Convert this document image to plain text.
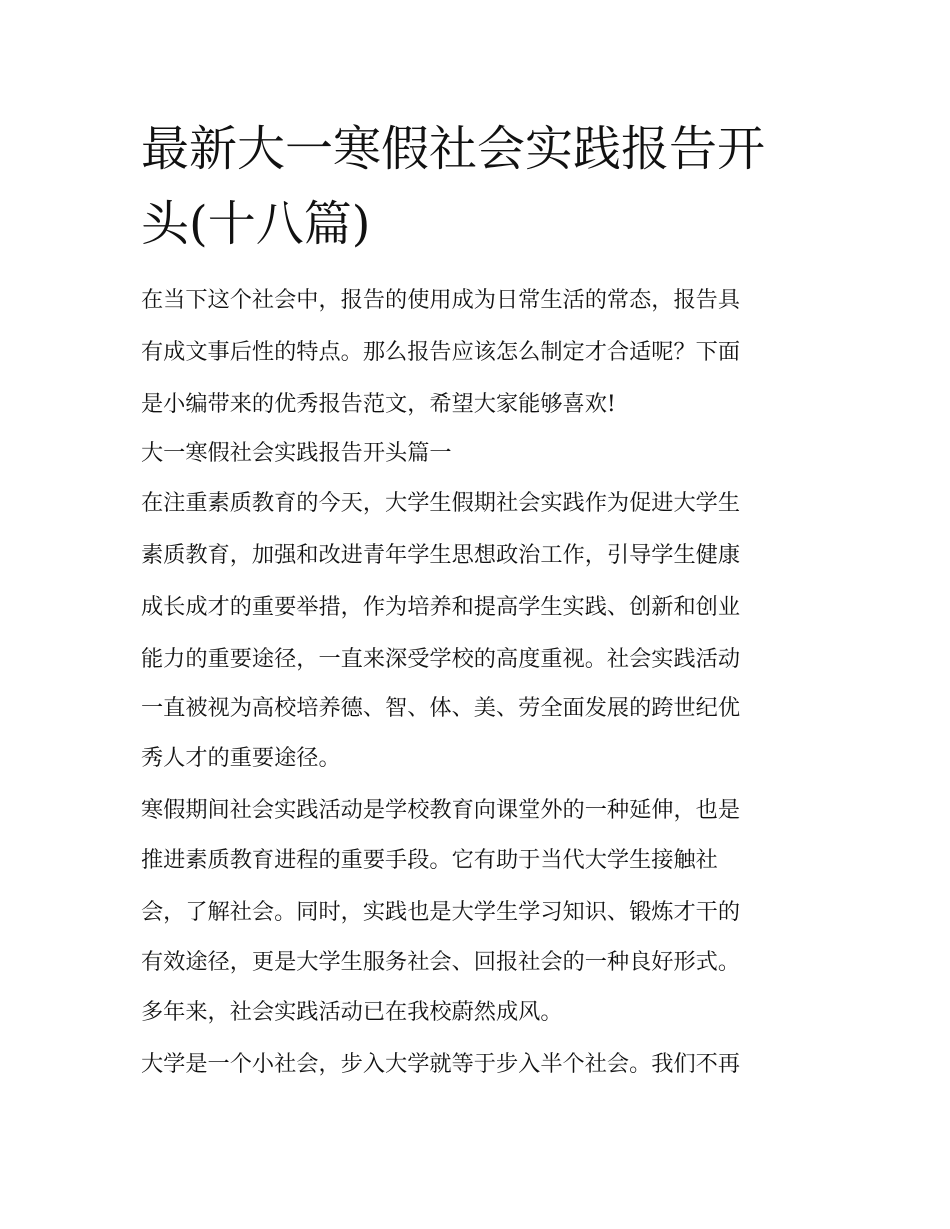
最新大一寒假社会实践报告开
头(十八篇)
在当下这个社会中，报告的使用成为日常生活的常态，报告具
有成文事后性的特点。那么报告应该怎么制定才合适呢？下面
是小编带来的优秀报告范文，希望大家能够喜欢!
大一寒假社会实践报告开头篇一
在注重素质教育的今天，大学生假期社会实践作为促进大学生
素质教育，加强和改进青年学生思想政治工作，引导学生健康
成长成才的重要举措，作为培养和提高学生实践、创新和创业
能力的重要途径，一直来深受学校的高度重视。社会实践活动
一直被视为高校培养德、智、体、美、劳全面发展的跨世纪优
秀人才的重要途径。
寒假期间社会实践活动是学校教育向课堂外的一种延伸，也是
推进素质教育进程的重要手段。它有助于当代大学生接触社
会，了解社会。同时，实践也是大学生学习知识、锻炼才干的
有效途径，更是大学生服务社会、回报社会的一种良好形式。
多年来，社会实践活动已在我校蔚然成风。
大学是一个小社会，步入大学就等于步入半个社会。我们不再
